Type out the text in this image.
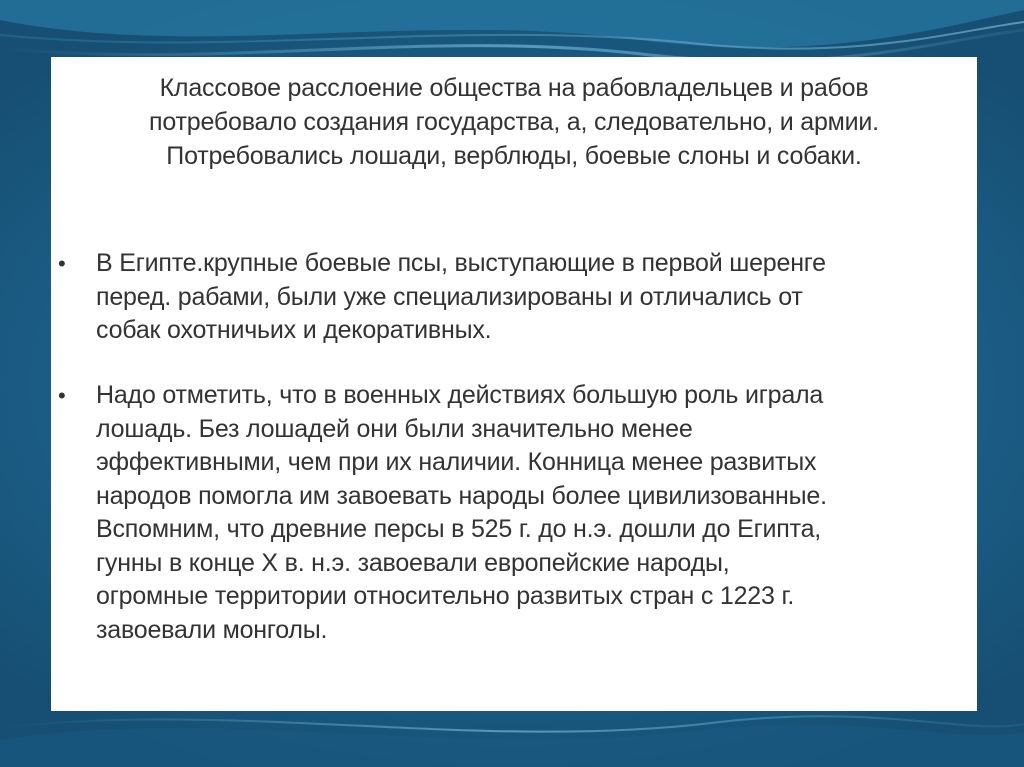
Классовое расслоение общества на рабовладельцев и рабов
потребовало создания государства, а, следовательно, и армии.
Потребовались лошади, верблюды, боевые слоны и собаки.
• В Египте.крупные боевые псы, выступающие в первой шеренге
перед. рабами, были уже специализированы и отличались от
собак охотничьих и декоративных.
• Надо отметить, что в военных действиях большую роль играла
лошадь. Без лошадей они были значительно менее
эффективными, чем при их наличии. Конница менее развитых
народов помогла им завоевать народы более цивилизованные.
Вспомним, что древние персы в 525 г. до н.э. дошли до Египта,
гунны в конце X в. н.э. завоевали европейские народы,
огромные территории относительно развитых стран с 1223 г.
завоевали монголы.
